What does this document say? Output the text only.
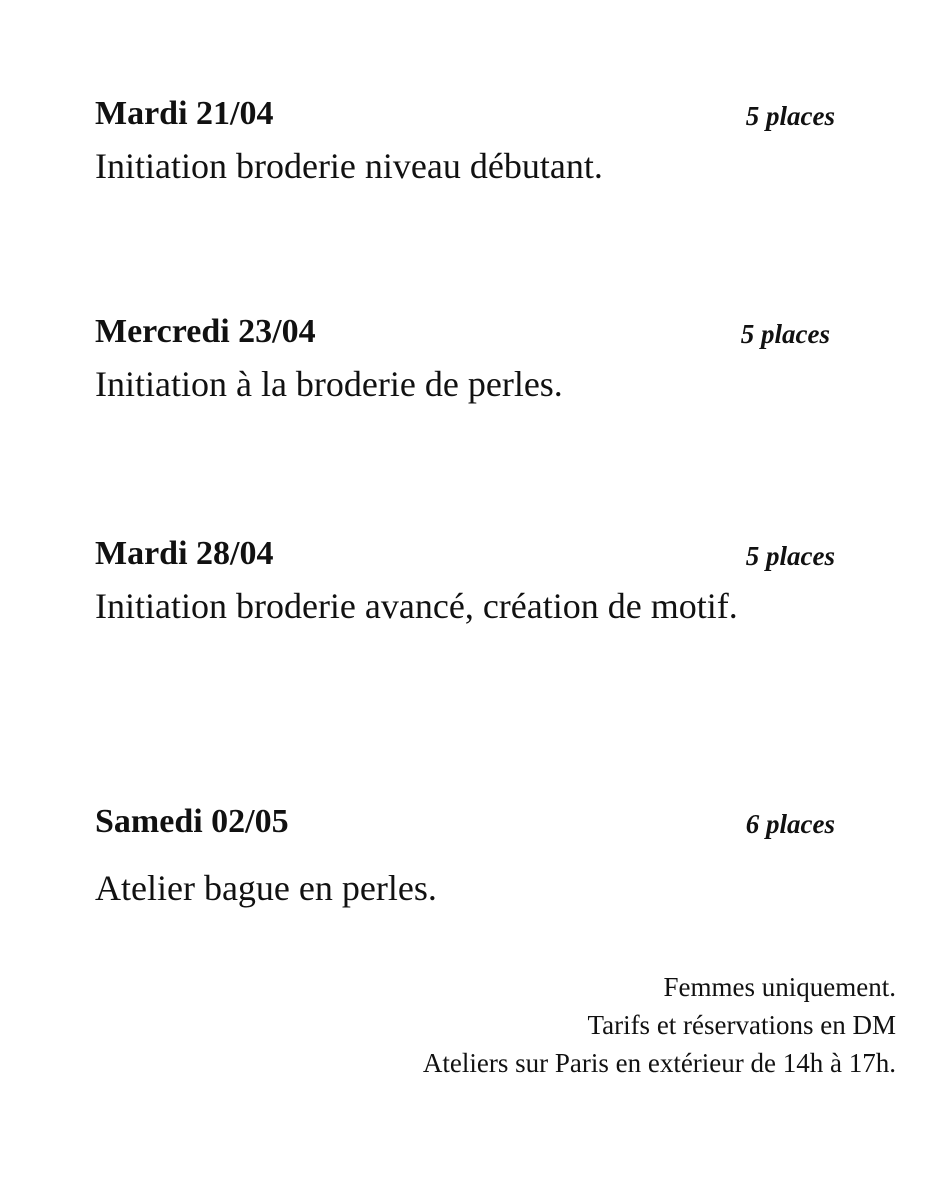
Mardi 21/04	5 places
Initiation broderie niveau débutant.
Mercredi 23/04	5 places
Initiation à la broderie de perles.
Mardi 28/04	5 places
Initiation broderie avancé, création de motif.
Samedi 02/05	6 places
Atelier bague en perles.
Femmes uniquement.
Tarifs et réservations en DM
Ateliers sur Paris en extérieur de 14h à 17h.
